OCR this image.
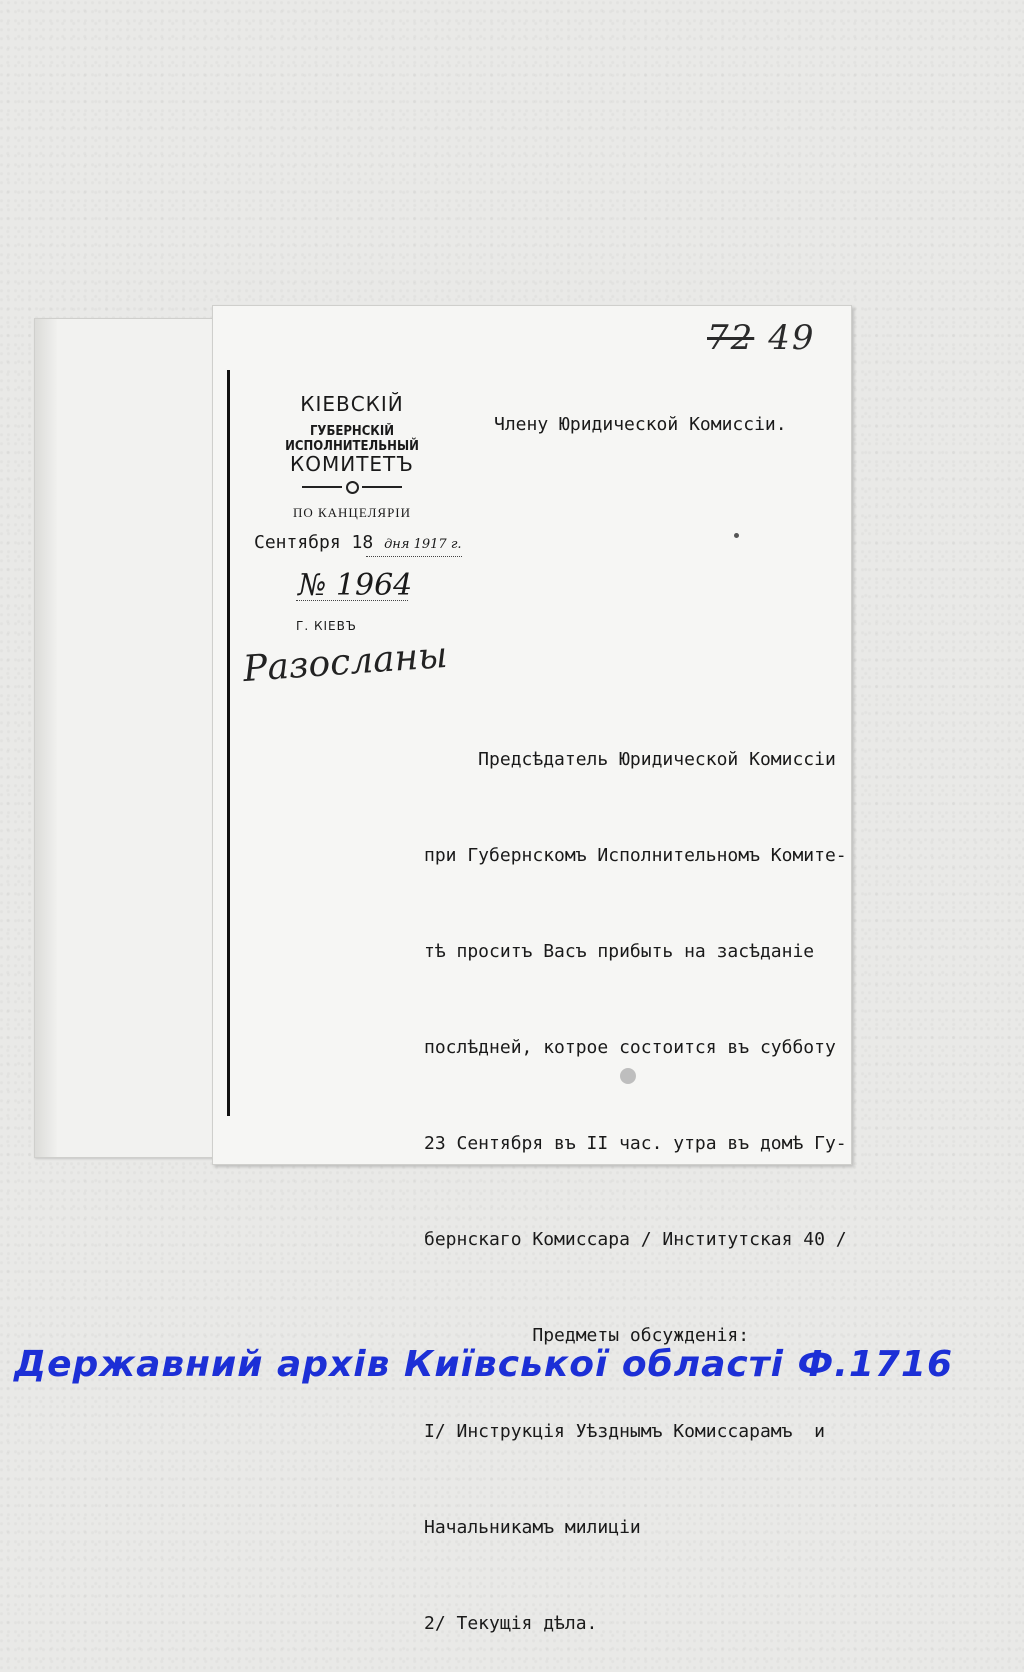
72 49
КІЕВСКІЙ
ГУБЕРНСКІЙ ИСПОЛНИТЕЛЬНЫЙ
КОМИТЕТЪ
ПО КАНЦЕЛЯРІИ
Сентября 18 дня 1917 г.
№ 1964
Г. КІЕВЪ
Разосланы
Члену Юридической Комиссіи.

Предсѣдатель Юридической Комиссіи

при Губернскомъ Исполнительномъ Комите-

тѣ проситъ Васъ прибыть на засѣданіе

послѣдней, котрое состоится въ субботу

23 Сентября въ II час. утра въ домѣ Гу-

бернскаго Комиссара / Институтская 40 /

Предметы обсужденія:

I/ Инструкція Уѣзднымъ Комиссарамъ  и

Начальникамъ милиціи

2/ Текущія дѣла.

Державний архів Київської області Ф.1716
